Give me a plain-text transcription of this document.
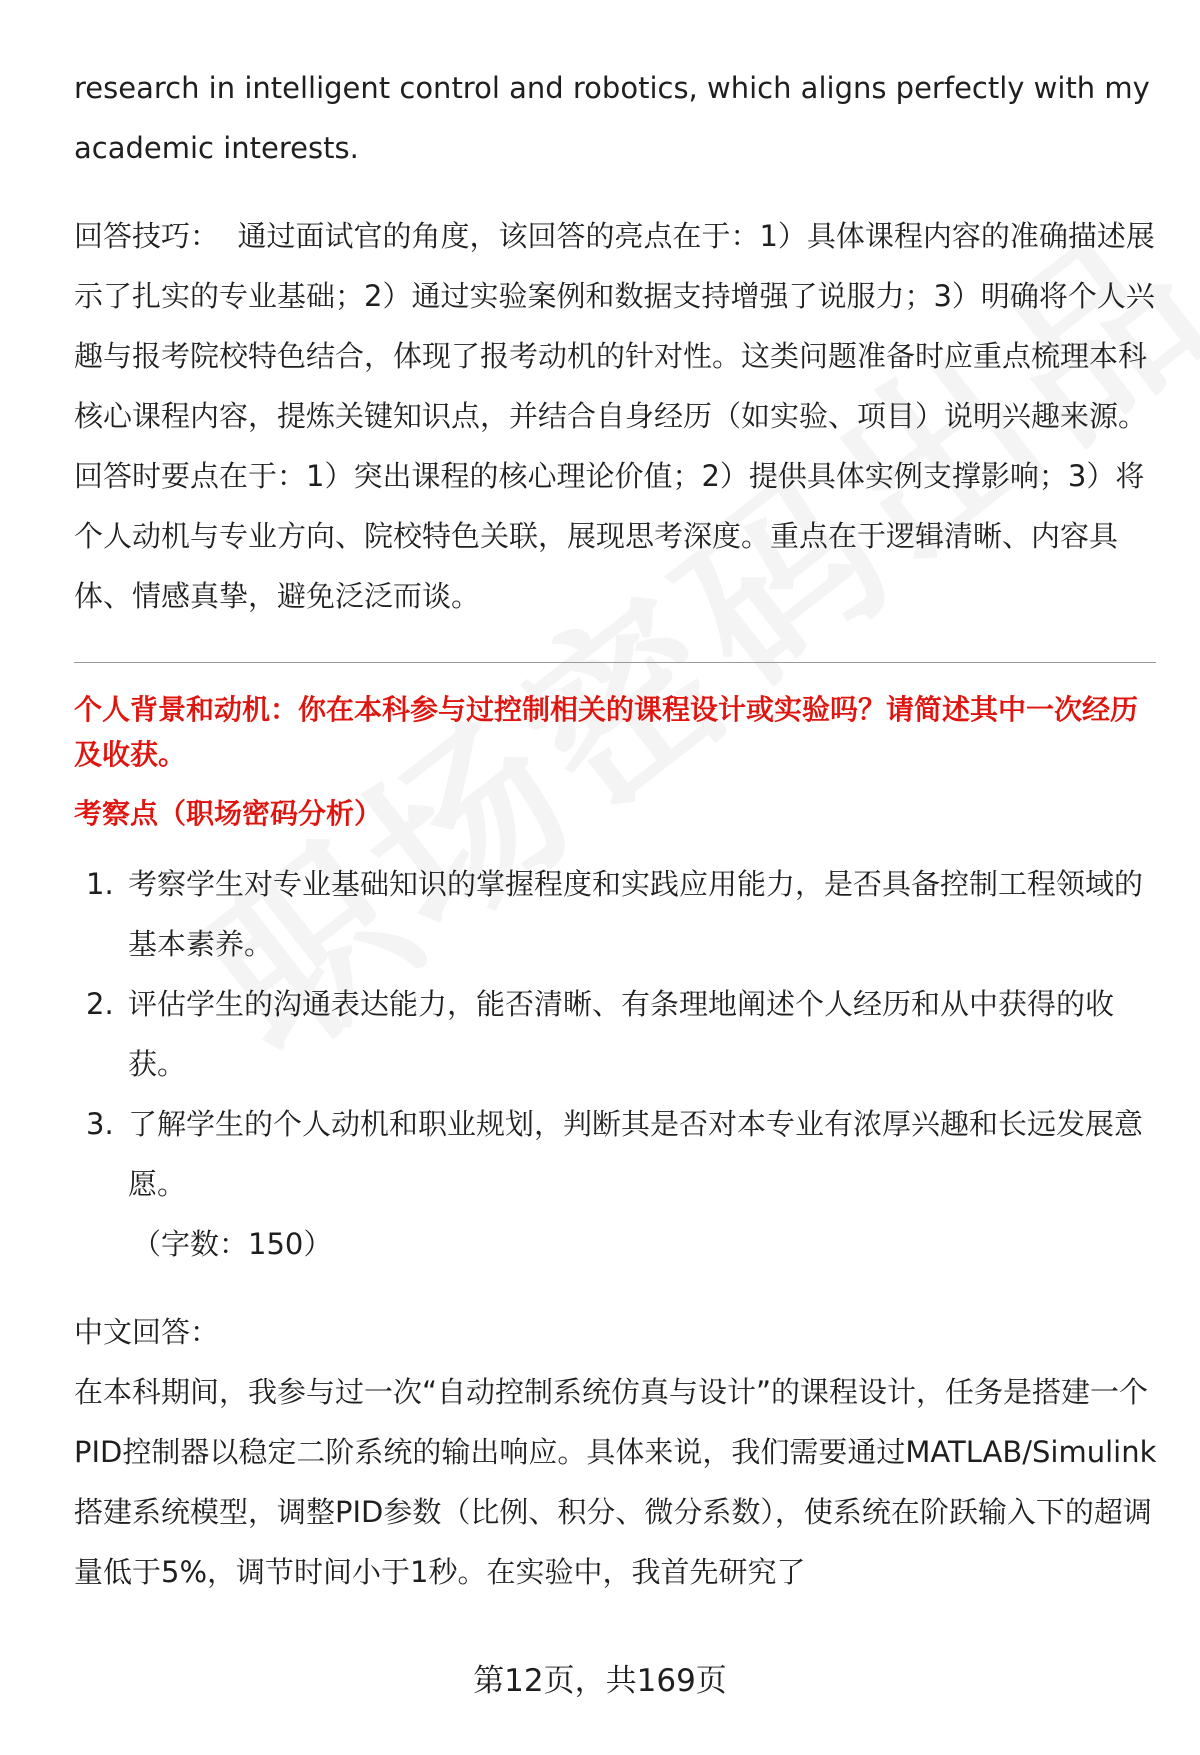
research in intelligent control and robotics, which aligns perfectly with my academic interests.

回答技巧： 通过面试官的角度，该回答的亮点在于：1）具体课程内容的准确描述展示了扎实的专业基础；2）通过实验案例和数据支持增强了说服力；3）明确将个人兴趣与报考院校特色结合，体现了报考动机的针对性。这类问题准备时应重点梳理本科核心课程内容，提炼关键知识点，并结合自身经历（如实验、项目）说明兴趣来源。回答时要点在于：1）突出课程的核心理论价值；2）提供具体实例支撑影响；3）将个人动机与专业方向、院校特色关联，展现思考深度。重点在于逻辑清晰、内容具体、情感真挚，避免泛泛而谈。

个人背景和动机：你在本科参与过控制相关的课程设计或实验吗？请简述其中一次经历及收获。

考察点（职场密码分析）

1. 考察学生对专业基础知识的掌握程度和实践应用能力，是否具备控制工程领域的基本素养。
2. 评估学生的沟通表达能力，能否清晰、有条理地阐述个人经历和从中获得的收获。
3. 了解学生的个人动机和职业规划，判断其是否对本专业有浓厚兴趣和长远发展意愿。

（字数：150）

中文回答：

在本科期间，我参与过一次“自动控制系统仿真与设计”的课程设计，任务是搭建一个PID控制器以稳定二阶系统的输出响应。具体来说，我们需要通过MATLAB/Simulink搭建系统模型，调整PID参数（比例、积分、微分系数），使系统在阶跃输入下的超调量低于5%，调节时间小于1秒。在实验中，我首先研究了

第12页，共169页
